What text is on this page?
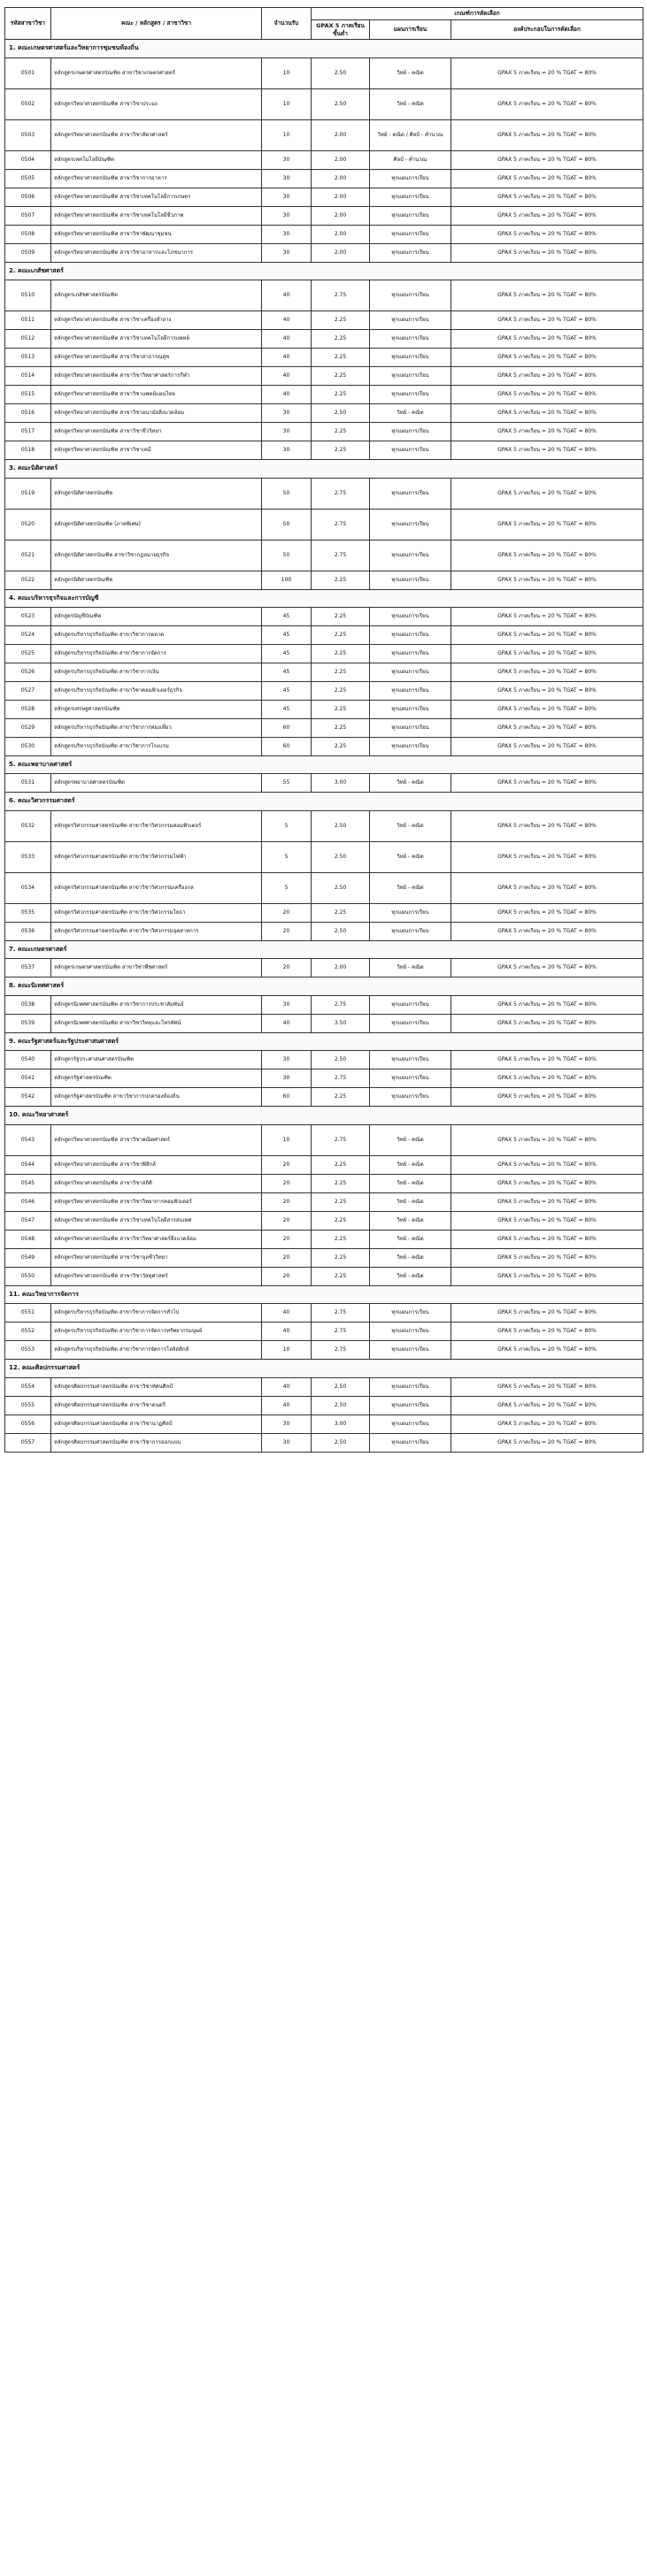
รหัสสาขาวิชา	คณะ / หลักสูตร / สาขาวิชา	จำนวนรับ	เกณฑ์การคัดเลือก		
			GPAX 5 ภาคเรียนขั้นต่ำ	แผนการเรียน	องค์ประกอบในการคัดเลือก
1. คณะเกษตรศาสตร์และวิทยาการชุมชนท้องถิ่น					
0501	หลักสูตรเกษตรศาสตรบัณฑิต สาขาวิชาเกษตรศาสตร์	10	2.50	วิทย์ - คณิต	GPAX 5 ภาคเรียน = 20 % TGAT = 80%
0502	หลักสูตรวิทยาศาสตรบัณฑิต สาขาวิชาประมง	10	2.50	วิทย์ - คณิต	GPAX 5 ภาคเรียน = 20 % TGAT = 80%
0503	หลักสูตรวิทยาศาสตรบัณฑิต สาขาวิชาสัตวศาสตร์	10	2.00	วิทย์ - คณิต / ศิลป์ - คำนวณ	GPAX 5 ภาคเรียน = 20 % TGAT = 80%
0504	หลักสูตรเทคโนโลยีบัณฑิต	30	2.00	ศิลป์ - คำนวณ	GPAX 5 ภาคเรียน = 20 % TGAT = 80%
0505	หลักสูตรวิทยาศาสตรบัณฑิต สาขาวิชาการอาหาร	30	2.00	ทุกแผนการเรียน	GPAX 5 ภาคเรียน = 20 % TGAT = 80%
0506	หลักสูตรวิทยาศาสตรบัณฑิต สาขาวิชาเทคโนโลยีการเกษตร	30	2.00	ทุกแผนการเรียน	GPAX 5 ภาคเรียน = 20 % TGAT = 80%
0507	หลักสูตรวิทยาศาสตรบัณฑิต สาขาวิชาเทคโนโลยีชีวภาพ	30	2.00	ทุกแผนการเรียน	GPAX 5 ภาคเรียน = 20 % TGAT = 80%
0508	หลักสูตรวิทยาศาสตรบัณฑิต สาขาวิชาพัฒนาชุมชน	30	2.00	ทุกแผนการเรียน	GPAX 5 ภาคเรียน = 20 % TGAT = 80%
0509	หลักสูตรวิทยาศาสตรบัณฑิต สาขาวิชาอาหารและโภชนาการ	30	2.00	ทุกแผนการเรียน	GPAX 5 ภาคเรียน = 20 % TGAT = 80%
2. คณะเภสัชศาสตร์					
0510	หลักสูตรเภสัชศาสตรบัณฑิต	40	2.75	ทุกแผนการเรียน	GPAX 5 ภาคเรียน = 20 % TGAT = 80%
0511	หลักสูตรวิทยาศาสตรบัณฑิต สาขาวิชาเครื่องสำอาง	40	2.25	ทุกแผนการเรียน	GPAX 5 ภาคเรียน = 20 % TGAT = 80%
0512	หลักสูตรวิทยาศาสตรบัณฑิต สาขาวิชาเทคโนโลยีการแพทย์	40	2.25	ทุกแผนการเรียน	GPAX 5 ภาคเรียน = 20 % TGAT = 80%
0513	หลักสูตรวิทยาศาสตรบัณฑิต สาขาวิชาสาธารณสุข	40	2.25	ทุกแผนการเรียน	GPAX 5 ภาคเรียน = 20 % TGAT = 80%
0514	หลักสูตรวิทยาศาสตรบัณฑิต สาขาวิชาวิทยาศาสตร์การกีฬา	40	2.25	ทุกแผนการเรียน	GPAX 5 ภาคเรียน = 20 % TGAT = 80%
0515	หลักสูตรวิทยาศาสตรบัณฑิต สาขาวิชาแพทย์แผนไทย	40	2.25	ทุกแผนการเรียน	GPAX 5 ภาคเรียน = 20 % TGAT = 80%
0516	หลักสูตรวิทยาศาสตรบัณฑิต สาขาวิชาอนามัยสิ่งแวดล้อม	30	2.50	วิทย์ - คณิต	GPAX 5 ภาคเรียน = 20 % TGAT = 80%
0517	หลักสูตรวิทยาศาสตรบัณฑิต สาขาวิชาชีววิทยา	30	2.25	ทุกแผนการเรียน	GPAX 5 ภาคเรียน = 20 % TGAT = 80%
0518	หลักสูตรวิทยาศาสตรบัณฑิต สาขาวิชาเคมี	30	2.25	ทุกแผนการเรียน	GPAX 5 ภาคเรียน = 20 % TGAT = 80%
3. คณะนิติศาสตร์					
0519	หลักสูตรนิติศาสตรบัณฑิต	50	2.75	ทุกแผนการเรียน	GPAX 5 ภาคเรียน = 20 % TGAT = 80%
0520	หลักสูตรนิติศาสตรบัณฑิต (ภาคพิเศษ)	50	2.75	ทุกแผนการเรียน	GPAX 5 ภาคเรียน = 20 % TGAT = 80%
0521	หลักสูตรนิติศาสตรบัณฑิต สาขาวิชากฎหมายธุรกิจ	50	2.75	ทุกแผนการเรียน	GPAX 5 ภาคเรียน = 20 % TGAT = 80%
0522	หลักสูตรนิติศาสตรบัณฑิต	100	2.25	ทุกแผนการเรียน	GPAX 5 ภาคเรียน = 20 % TGAT = 80%
4. คณะบริหารธุรกิจและการบัญชี					
0523	หลักสูตรบัญชีบัณฑิต	45	2.25	ทุกแผนการเรียน	GPAX 5 ภาคเรียน = 20 % TGAT = 80%
0524	หลักสูตรบริหารธุรกิจบัณฑิต สาขาวิชาการตลาด	45	2.25	ทุกแผนการเรียน	GPAX 5 ภาคเรียน = 20 % TGAT = 80%
0525	หลักสูตรบริหารธุรกิจบัณฑิต สาขาวิชาการจัดการ	45	2.25	ทุกแผนการเรียน	GPAX 5 ภาคเรียน = 20 % TGAT = 80%
0526	หลักสูตรบริหารธุรกิจบัณฑิต สาขาวิชาการเงิน	45	2.25	ทุกแผนการเรียน	GPAX 5 ภาคเรียน = 20 % TGAT = 80%
0527	หลักสูตรบริหารธุรกิจบัณฑิต สาขาวิชาคอมพิวเตอร์ธุรกิจ	45	2.25	ทุกแผนการเรียน	GPAX 5 ภาคเรียน = 20 % TGAT = 80%
0528	หลักสูตรเศรษฐศาสตรบัณฑิต	45	2.25	ทุกแผนการเรียน	GPAX 5 ภาคเรียน = 20 % TGAT = 80%
0529	หลักสูตรบริหารธุรกิจบัณฑิต สาขาวิชาการท่องเที่ยว	60	2.25	ทุกแผนการเรียน	GPAX 5 ภาคเรียน = 20 % TGAT = 80%
0530	หลักสูตรบริหารธุรกิจบัณฑิต สาขาวิชาการโรงแรม	60	2.25	ทุกแผนการเรียน	GPAX 5 ภาคเรียน = 20 % TGAT = 80%
5. คณะพยาบาลศาสตร์					
0531	หลักสูตรพยาบาลศาสตรบัณฑิต	55	3.00	วิทย์ - คณิต	GPAX 5 ภาคเรียน = 20 % TGAT = 80%
6. คณะวิศวกรรมศาสตร์					
0532	หลักสูตรวิศวกรรมศาสตรบัณฑิต สาขาวิชาวิศวกรรมคอมพิวเตอร์	5	2.50	วิทย์ - คณิต	GPAX 5 ภาคเรียน = 20 % TGAT = 80%
0533	หลักสูตรวิศวกรรมศาสตรบัณฑิต สาขาวิชาวิศวกรรมไฟฟ้า	5	2.50	วิทย์ - คณิต	GPAX 5 ภาคเรียน = 20 % TGAT = 80%
0534	หลักสูตรวิศวกรรมศาสตรบัณฑิต สาขาวิชาวิศวกรรมเครื่องกล	5	2.50	วิทย์ - คณิต	GPAX 5 ภาคเรียน = 20 % TGAT = 80%
0535	หลักสูตรวิศวกรรมศาสตรบัณฑิต สาขาวิชาวิศวกรรมโยธา	20	2.25	ทุกแผนการเรียน	GPAX 5 ภาคเรียน = 20 % TGAT = 80%
0536	หลักสูตรวิศวกรรมศาสตรบัณฑิต สาขาวิชาวิศวกรรมอุตสาหการ	20	2.50	ทุกแผนการเรียน	GPAX 5 ภาคเรียน = 20 % TGAT = 80%
7. คณะเกษตรศาสตร์					
0537	หลักสูตรเกษตรศาสตรบัณฑิต สาขาวิชาพืชศาสตร์	20	2.00	วิทย์ - คณิต	GPAX 5 ภาคเรียน = 20 % TGAT = 80%
8. คณะนิเทศศาสตร์					
0538	หลักสูตรนิเทศศาสตรบัณฑิต สาขาวิชาการประชาสัมพันธ์	30	2.75	ทุกแผนการเรียน	GPAX 5 ภาคเรียน = 20 % TGAT = 80%
0539	หลักสูตรนิเทศศาสตรบัณฑิต สาขาวิชาวิทยุและโทรทัศน์	40	3.50	ทุกแผนการเรียน	GPAX 5 ภาคเรียน = 20 % TGAT = 80%
9. คณะรัฐศาสตร์และรัฐประศาสนศาสตร์					
0540	หลักสูตรรัฐประศาสนศาสตรบัณฑิต	30	2.50	ทุกแผนการเรียน	GPAX 5 ภาคเรียน = 20 % TGAT = 80%
0541	หลักสูตรรัฐศาสตรบัณฑิต	30	2.75	ทุกแผนการเรียน	GPAX 5 ภาคเรียน = 20 % TGAT = 80%
0542	หลักสูตรรัฐศาสตรบัณฑิต สาขาวิชาการปกครองท้องถิ่น	60	2.25	ทุกแผนการเรียน	GPAX 5 ภาคเรียน = 20 % TGAT = 80%
10. คณะวิทยาศาสตร์					
0543	หลักสูตรวิทยาศาสตรบัณฑิต สาขาวิชาคณิตศาสตร์	10	2.75	วิทย์ - คณิต	GPAX 5 ภาคเรียน = 20 % TGAT = 80%
0544	หลักสูตรวิทยาศาสตรบัณฑิต สาขาวิชาฟิสิกส์	20	2.25	วิทย์ - คณิต	GPAX 5 ภาคเรียน = 20 % TGAT = 80%
0545	หลักสูตรวิทยาศาสตรบัณฑิต สาขาวิชาสถิติ	20	2.25	วิทย์ - คณิต	GPAX 5 ภาคเรียน = 20 % TGAT = 80%
0546	หลักสูตรวิทยาศาสตรบัณฑิต สาขาวิชาวิทยาการคอมพิวเตอร์	20	2.25	วิทย์ - คณิต	GPAX 5 ภาคเรียน = 20 % TGAT = 80%
0547	หลักสูตรวิทยาศาสตรบัณฑิต สาขาวิชาเทคโนโลยีสารสนเทศ	20	2.25	วิทย์ - คณิต	GPAX 5 ภาคเรียน = 20 % TGAT = 80%
0548	หลักสูตรวิทยาศาสตรบัณฑิต สาขาวิชาวิทยาศาสตร์สิ่งแวดล้อม	20	2.25	วิทย์ - คณิต	GPAX 5 ภาคเรียน = 20 % TGAT = 80%
0549	หลักสูตรวิทยาศาสตรบัณฑิต สาขาวิชาจุลชีววิทยา	20	2.25	วิทย์ - คณิต	GPAX 5 ภาคเรียน = 20 % TGAT = 80%
0550	หลักสูตรวิทยาศาสตรบัณฑิต สาขาวิชาวัสดุศาสตร์	20	2.25	วิทย์ - คณิต	GPAX 5 ภาคเรียน = 20 % TGAT = 80%
11. คณะวิทยาการจัดการ					
0551	หลักสูตรบริหารธุรกิจบัณฑิต สาขาวิชาการจัดการทั่วไป	40	2.75	ทุกแผนการเรียน	GPAX 5 ภาคเรียน = 20 % TGAT = 80%
0552	หลักสูตรบริหารธุรกิจบัณฑิต สาขาวิชาการจัดการทรัพยากรมนุษย์	40	2.75	ทุกแผนการเรียน	GPAX 5 ภาคเรียน = 20 % TGAT = 80%
0553	หลักสูตรบริหารธุรกิจบัณฑิต สาขาวิชาการจัดการโลจิสติกส์	10	2.75	ทุกแผนการเรียน	GPAX 5 ภาคเรียน = 20 % TGAT = 80%
12. คณะศิลปกรรมศาสตร์					
0554	หลักสูตรศิลปกรรมศาสตรบัณฑิต สาขาวิชาทัศนศิลป์	40	2.50	ทุกแผนการเรียน	GPAX 5 ภาคเรียน = 20 % TGAT = 80%
0555	หลักสูตรศิลปกรรมศาสตรบัณฑิต สาขาวิชาดนตรี	40	2.50	ทุกแผนการเรียน	GPAX 5 ภาคเรียน = 20 % TGAT = 80%
0556	หลักสูตรศิลปกรรมศาสตรบัณฑิต สาขาวิชานาฏศิลป์	30	3.00	ทุกแผนการเรียน	GPAX 5 ภาคเรียน = 20 % TGAT = 80%
0557	หลักสูตรศิลปกรรมศาสตรบัณฑิต สาขาวิชาการออกแบบ	30	2.50	ทุกแผนการเรียน	GPAX 5 ภาคเรียน = 20 % TGAT = 80%
